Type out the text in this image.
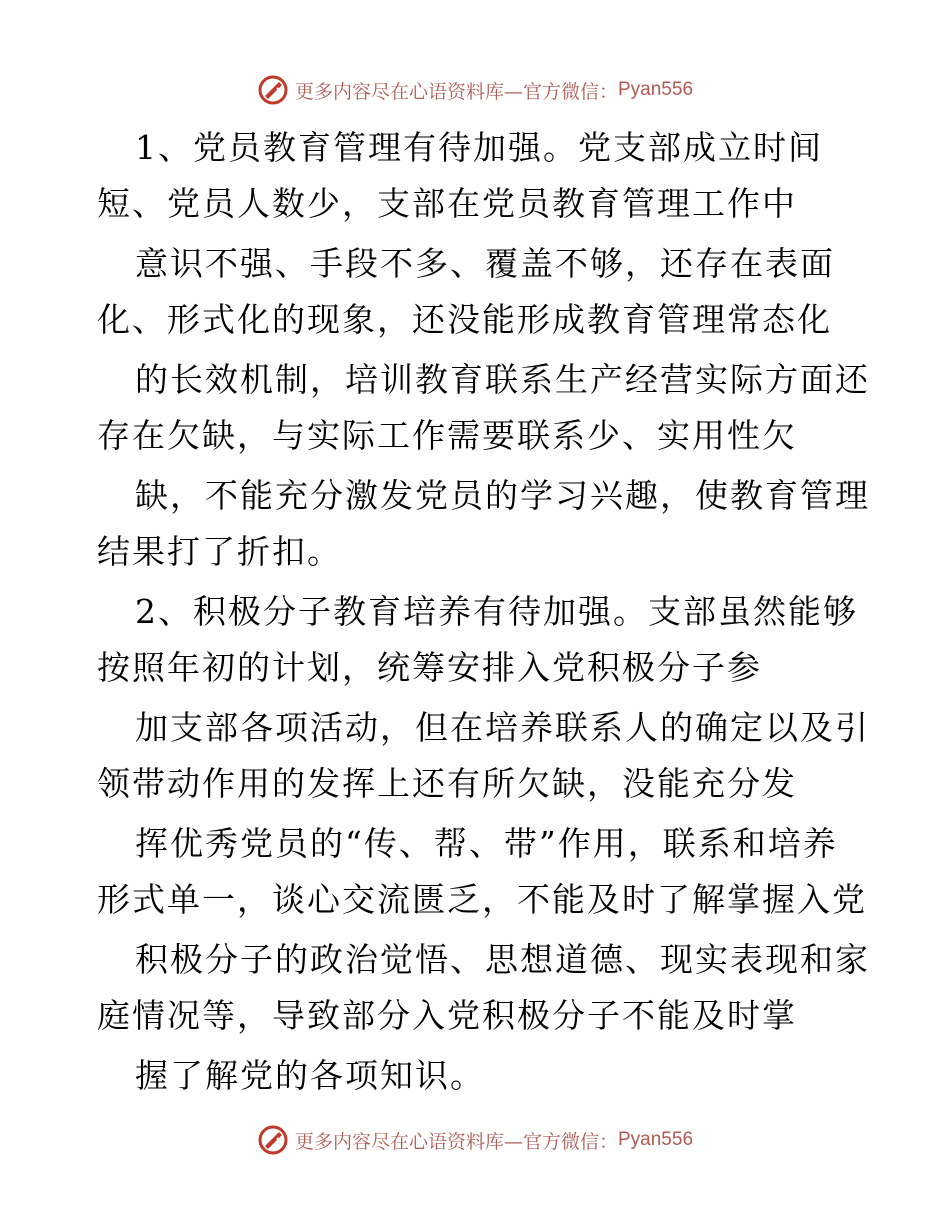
更多内容尽在心语资料库—官方微信： Pyan556
1、党员教育管理有待加强。党支部成立时间
短、党员人数少，支部在党员教育管理工作中
意识不强、手段不多、覆盖不够，还存在表面
化、形式化的现象，还没能形成教育管理常态化
的长效机制，培训教育联系生产经营实际方面还
存在欠缺，与实际工作需要联系少、实用性欠
缺，不能充分激发党员的学习兴趣，使教育管理
结果打了折扣。
2、积极分子教育培养有待加强。支部虽然能够
按照年初的计划，统筹安排入党积极分子参
加支部各项活动，但在培养联系人的确定以及引
领带动作用的发挥上还有所欠缺，没能充分发
挥优秀党员的“传、帮、带”作用，联系和培养
形式单一，谈心交流匮乏，不能及时了解掌握入党
积极分子的政治觉悟、思想道德、现实表现和家
庭情况等，导致部分入党积极分子不能及时掌
握了解党的各项知识。
更多内容尽在心语资料库—官方微信： Pyan556
